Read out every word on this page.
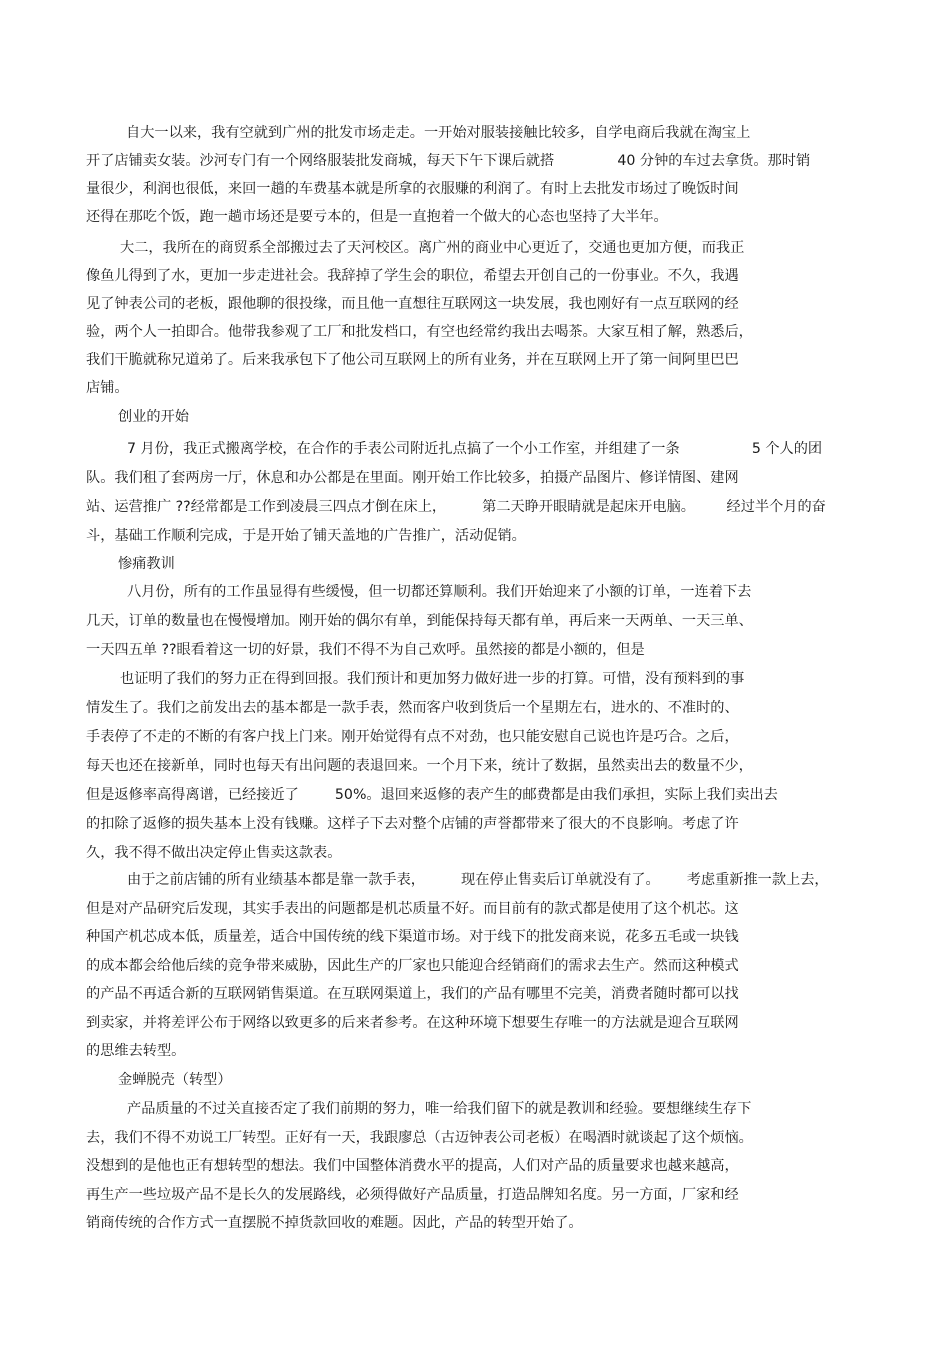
自大一以来，我有空就到广州的批发市场走走。一开始对服装接触比较多，自学电商后我就在淘宝上
开了店铺卖女装。沙河专门有一个网络服装批发商城，每天下午下课后就搭              40 分钟的车过去拿货。那时销
量很少，利润也很低，来回一趟的车费基本就是所拿的衣服赚的利润了。有时上去批发市场过了晚饭时间
还得在那吃个饭，跑一趟市场还是要亏本的，但是一直抱着一个做大的心态也坚持了大半年。
大二，我所在的商贸系全部搬过去了天河校区。离广州的商业中心更近了，交通也更加方便，而我正
像鱼儿得到了水，更加一步走进社会。我辞掉了学生会的职位，希望去开创自己的一份事业。不久，我遇
见了钟表公司的老板，跟他聊的很投缘，而且他一直想往互联网这一块发展，我也刚好有一点互联网的经
验，两个人一拍即合。他带我参观了工厂和批发档口，有空也经常约我出去喝茶。大家互相了解，熟悉后，
我们干脆就称兄道弟了。后来我承包下了他公司互联网上的所有业务，并在互联网上开了第一间阿里巴巴
店铺。
创业的开始
7 月份，我正式搬离学校，在合作的手表公司附近扎点搞了一个小工作室，并组建了一条                5 个人的团
队。我们租了套两房一厅，休息和办公都是在里面。刚开始工作比较多，拍摄产品图片、修详情图、建网
站、运营推广 ??经常都是工作到凌晨三四点才倒在床上，        第二天睁开眼睛就是起床开电脑。       经过半个月的奋
斗，基础工作顺利完成，于是开始了铺天盖地的广告推广，活动促销。
惨痛教训
八月份，所有的工作虽显得有些缓慢，但一切都还算顺利。我们开始迎来了小额的订单，一连着下去
几天，订单的数量也在慢慢增加。刚开始的偶尔有单，到能保持每天都有单，再后来一天两单、一天三单、
一天四五单 ??眼看着这一切的好景，我们不得不为自己欢呼。虽然接的都是小额的，但是
也证明了我们的努力正在得到回报。我们预计和更加努力做好进一步的打算。可惜，没有预料到的事
情发生了。我们之前发出去的基本都是一款手表，然而客户收到货后一个星期左右，进水的、不准时的、
手表停了不走的不断的有客户找上门来。刚开始觉得有点不对劲，也只能安慰自己说也许是巧合。之后，
每天也还在接新单，同时也每天有出问题的表退回来。一个月下来，统计了数据，虽然卖出去的数量不少，
但是返修率高得离谱，已经接近了        50%。退回来返修的表产生的邮费都是由我们承担，实际上我们卖出去
的扣除了返修的损失基本上没有钱赚。这样子下去对整个店铺的声誉都带来了很大的不良影响。考虑了许
久，我不得不做出决定停止售卖这款表。
由于之前店铺的所有业绩基本都是靠一款手表，        现在停止售卖后订单就没有了。      考虑重新推一款上去，
但是对产品研究后发现，其实手表出的问题都是机芯质量不好。而目前有的款式都是使用了这个机芯。这
种国产机芯成本低，质量差，适合中国传统的线下渠道市场。对于线下的批发商来说，花多五毛或一块钱
的成本都会给他后续的竞争带来威胁，因此生产的厂家也只能迎合经销商们的需求去生产。然而这种模式
的产品不再适合新的互联网销售渠道。在互联网渠道上，我们的产品有哪里不完美，消费者随时都可以找
到卖家，并将差评公布于网络以致更多的后来者参考。在这种环境下想要生存唯一的方法就是迎合互联网
的思维去转型。
金蝉脱壳（转型）
产品质量的不过关直接否定了我们前期的努力，唯一给我们留下的就是教训和经验。要想继续生存下
去，我们不得不劝说工厂转型。正好有一天，我跟廖总（古迈钟表公司老板）在喝酒时就谈起了这个烦恼。
没想到的是他也正有想转型的想法。我们中国整体消费水平的提高，人们对产品的质量要求也越来越高，
再生产一些垃圾产品不是长久的发展路线，必须得做好产品质量，打造品牌知名度。另一方面，厂家和经
销商传统的合作方式一直摆脱不掉货款回收的难题。因此，产品的转型开始了。
